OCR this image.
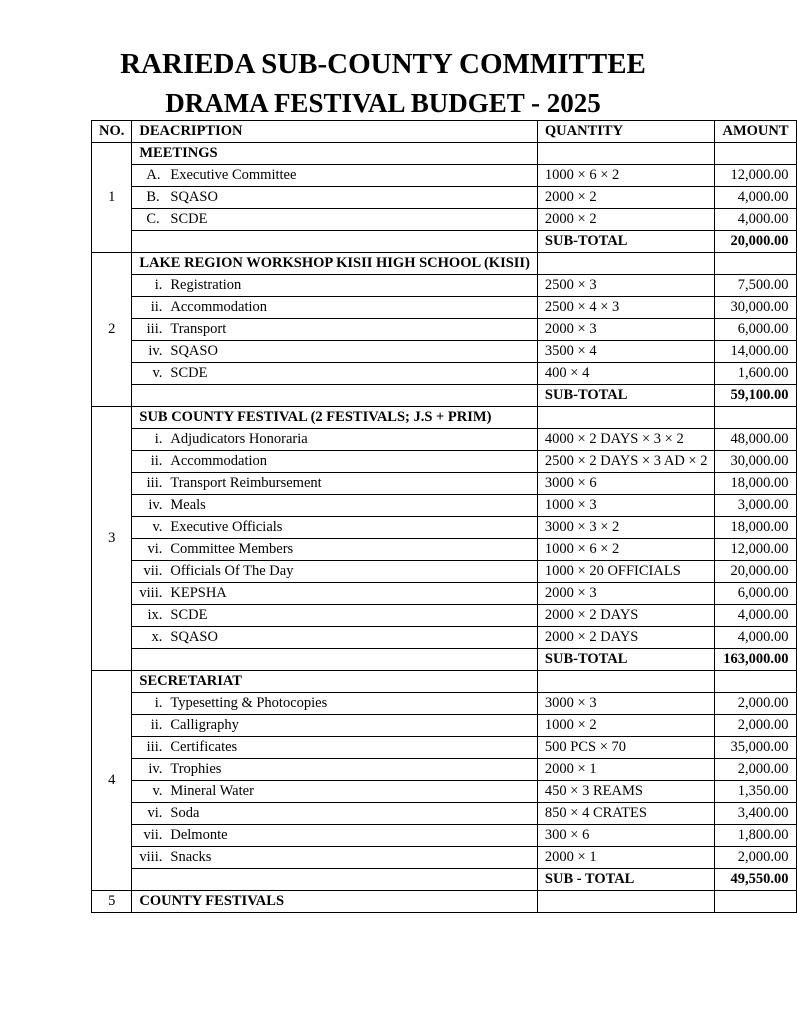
RARIEDA SUB-COUNTY COMMITTEE
DRAMA FESTIVAL BUDGET - 2025
NO.	DEACRIPTION	QUANTITY	AMOUNT
1	MEETINGS		
	A. Executive Committee	1000 × 6 × 2	12,000.00
	B. SQASO	2000 × 2	4,000.00
	C. SCDE	2000 × 2	4,000.00
		SUB-TOTAL	20,000.00
2	LAKE REGION WORKSHOP KISII HIGH SCHOOL (KISII)		
	i. Registration	2500 × 3	7,500.00
	ii. Accommodation	2500 × 4 × 3	30,000.00
	iii. Transport	2000 × 3	6,000.00
	iv. SQASO	3500 × 4	14,000.00
	v. SCDE	400 × 4	1,600.00
		SUB-TOTAL	59,100.00
3	SUB COUNTY FESTIVAL (2 FESTIVALS; J.S + PRIM)		
	i. Adjudicators Honoraria	4000 × 2 DAYS × 3 × 2	48,000.00
	ii. Accommodation	2500 × 2 DAYS × 3 AD × 2	30,000.00
	iii. Transport Reimbursement	3000 × 6	18,000.00
	iv. Meals	1000 × 3	3,000.00
	v. Executive Officials	3000 × 3 × 2	18,000.00
	vi. Committee Members	1000 × 6 × 2	12,000.00
	vii. Officials Of The Day	1000 × 20 OFFICIALS	20,000.00
	viii. KEPSHA	2000 × 3	6,000.00
	ix. SCDE	2000 × 2 DAYS	4,000.00
	x. SQASO	2000 × 2 DAYS	4,000.00
		SUB-TOTAL	163,000.00
4	SECRETARIAT		
	i. Typesetting & Photocopies	3000 × 3	2,000.00
	ii. Calligraphy	1000 × 2	2,000.00
	iii. Certificates	500 PCS × 70	35,000.00
	iv. Trophies	2000 × 1	2,000.00
	v. Mineral Water	450 × 3 REAMS	1,350.00
	vi. Soda	850 × 4 CRATES	3,400.00
	vii. Delmonte	300 × 6	1,800.00
	viii. Snacks	2000 × 1	2,000.00
		SUB - TOTAL	49,550.00
5	COUNTY FESTIVALS		
